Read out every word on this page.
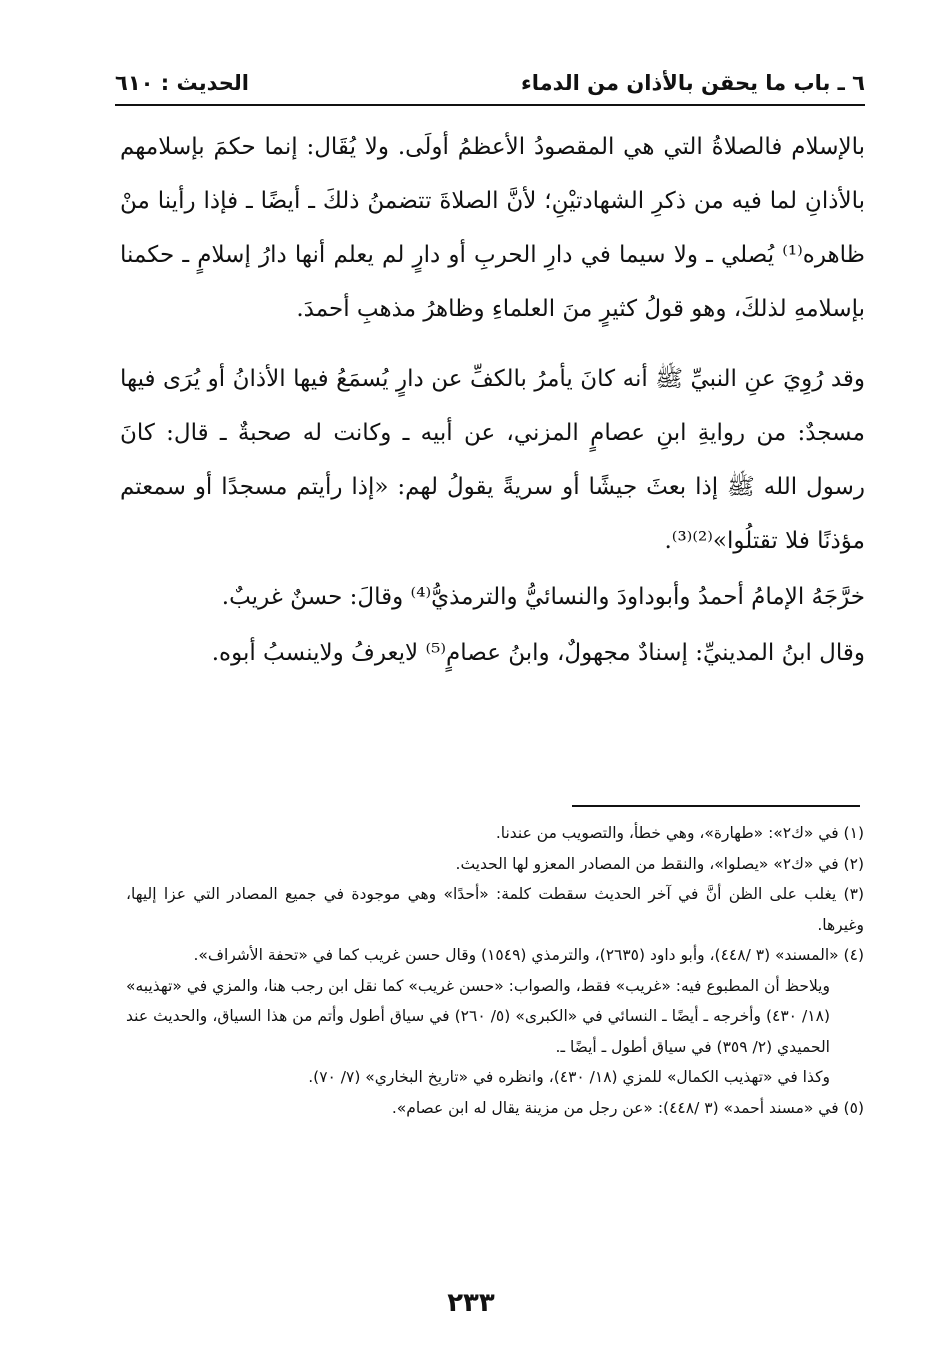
٦ ـ باب ما يحقن بالأذان من الدماء
الحديث : ٦١٠

بالإسلام فالصلاةُ التي هي المقصودُ الأعظمُ أولَى. ولا يُقَال: إنما حكمَ بإسلامهم بالأذانِ لما فيه من ذكرِ الشهادتيْنِ؛ لأنَّ الصلاةَ تتضمنُ ذلكَ ـ أيضًا ـ فإذا رأينا منْ ظاهره⁽¹⁾ يُصلي ـ ولا سيما في دارِ الحربِ أو دارٍ لم يعلم أنها دارُ إسلامٍ ـ حكمنا بإسلامهِ لذلكَ، وهو قولُ كثيرٍ منَ العلماءِ وظاهرُ مذهبِ أحمدَ.

وقد رُوِيَ عنِ النبيِّ ﷺ أنه كانَ يأمرُ بالكفِّ عن دارٍ يُسمَعُ فيها الأذانُ أو يُرَى فيها مسجدٌ: من روايةِ ابنِ عصامٍ المزني، عن أبيه ـ وكانت له صحبةٌ ـ قال: كانَ رسول الله ﷺ إذا بعثَ جيشًا أو سريةً يقولُ لهم: «إذا رأيتم مسجدًا أو سمعتم مؤذنًا فلا تقتلُوا»⁽²⁾⁽³⁾.

خرَّجَهُ الإمامُ أحمدُ وأبوداودَ والنسائيُّ والترمذيُّ⁽⁴⁾ وقالَ: حسنٌ غريبٌ.

وقال ابنُ المدينيِّ: إسنادٌ مجهولٌ، وابنُ عصامٍ⁽⁵⁾ لايعرفُ ولاينسبُ أبوه.

(١) في «ك٢»: «طهارة»، وهي خطأ، والتصويب من عندنا.

(٢) في «ك٢» «يصلوا»، والنقط من المصادر المعزو لها الحديث.

(٣) يغلب على الظن أنَّ في آخر الحديث سقطت كلمة: «أحدًا» وهي موجودة في جميع المصادر التي عزا إليها، وغيرها.

(٤) «المسند» (٣ /٤٤٨)، وأبو داود (٢٦٣٥)، والترمذي (١٥٤٩) وقال حسن غريب كما في «تحفة الأشراف».

ويلاحظ أن المطبوع فيه: «غريب» فقط، والصواب: «حسن غريب» كما نقل ابن رجب هنا، والمزي في «تهذيبه» (١٨/ ٤٣٠) وأخرجه ـ أيضًا ـ النسائي في «الكبرى» (٥/ ٢٦٠) في سياق أطول وأتم من هذا السياق، والحديث عند الحميدي (٢/ ٣٥٩) في سياق أطول ـ أيضًا ـ.

وكذا في «تهذيب الكمال» للمزي (١٨/ ٤٣٠)، وانظره في «تاريخ البخاري» (٧/ ٧٠).

(٥) في «مسند أحمد» (٣ /٤٤٨): «عن رجل من مزينة يقال له ابن عصام».

٢٣٣
